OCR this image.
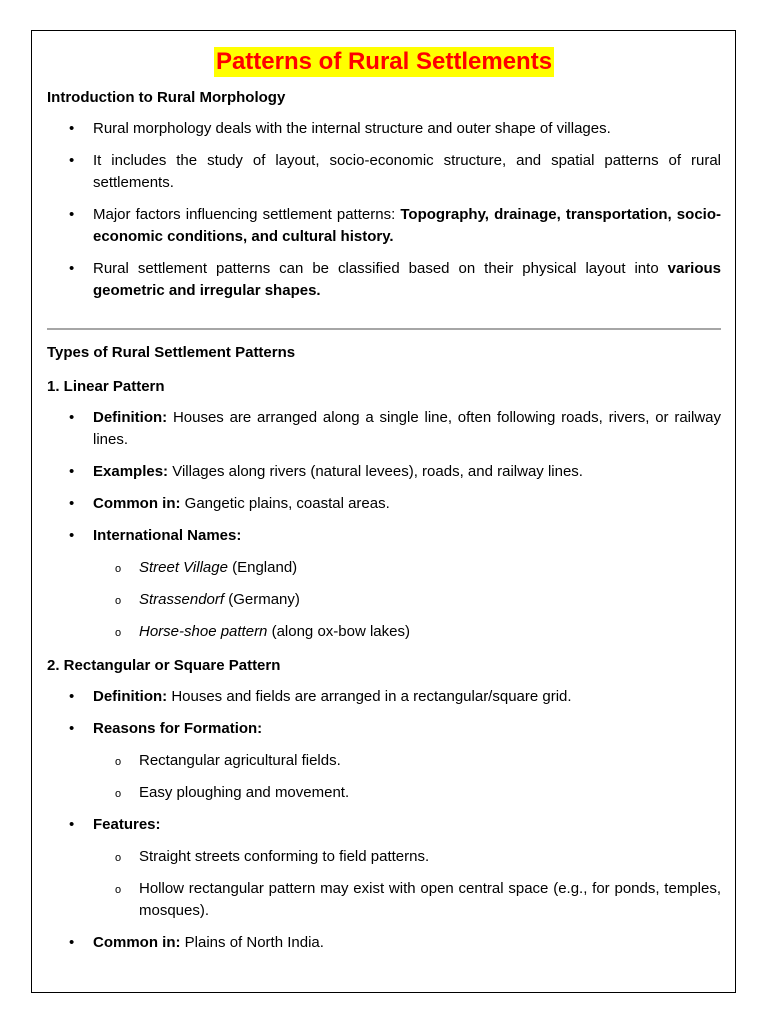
Patterns of Rural Settlements
Introduction to Rural Morphology
• Rural morphology deals with the internal structure and outer shape of villages.
• It includes the study of layout, socio-economic structure, and spatial patterns of rural settlements.
• Major factors influencing settlement patterns: Topography, drainage, transportation, socio-economic conditions, and cultural history.
• Rural settlement patterns can be classified based on their physical layout into various geometric and irregular shapes.
Types of Rural Settlement Patterns
1. Linear Pattern
• Definition: Houses are arranged along a single line, often following roads, rivers, or railway lines.
• Examples: Villages along rivers (natural levees), roads, and railway lines.
• Common in: Gangetic plains, coastal areas.
• International Names:
o Street Village (England)
o Strassendorf (Germany)
o Horse-shoe pattern (along ox-bow lakes)
2. Rectangular or Square Pattern
• Definition: Houses and fields are arranged in a rectangular/square grid.
• Reasons for Formation:
o Rectangular agricultural fields.
o Easy ploughing and movement.
• Features:
o Straight streets conforming to field patterns.
o Hollow rectangular pattern may exist with open central space (e.g., for ponds, temples, mosques).
• Common in: Plains of North India.
